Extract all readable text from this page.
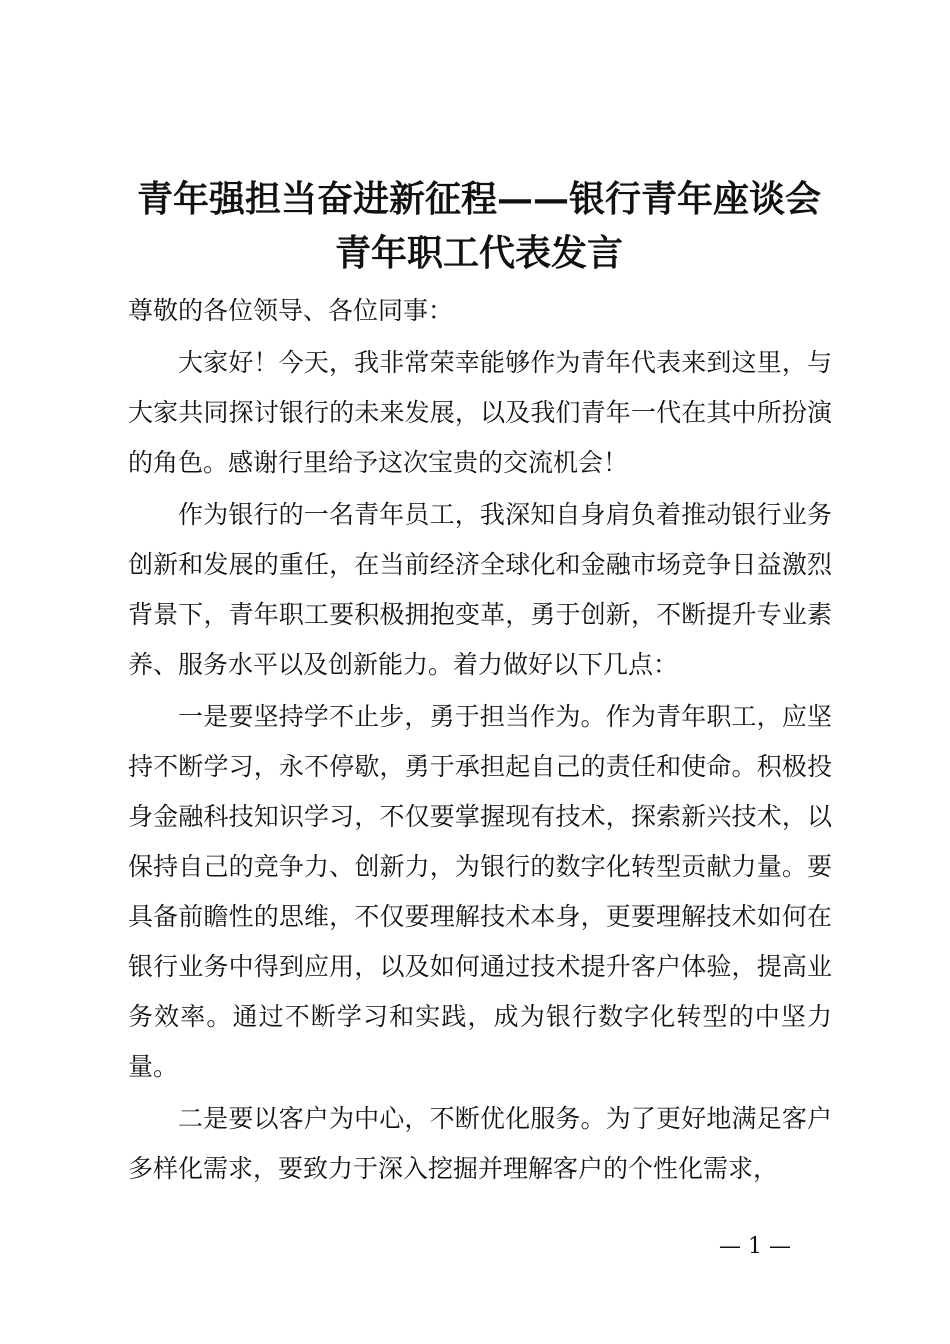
青年强担当奋进新征程——银行青年座谈会青年职工代表发言

尊敬的各位领导、各位同事：

大家好！今天，我非常荣幸能够作为青年代表来到这里，与大家共同探讨银行的未来发展，以及我们青年一代在其中所扮演的角色。感谢行里给予这次宝贵的交流机会！

作为银行的一名青年员工，我深知自身肩负着推动银行业务创新和发展的重任，在当前经济全球化和金融市场竞争日益激烈背景下，青年职工要积极拥抱变革，勇于创新，不断提升专业素养、服务水平以及创新能力。着力做好以下几点：

一是要坚持学不止步，勇于担当作为。作为青年职工，应坚持不断学习，永不停歇，勇于承担起自己的责任和使命。积极投身金融科技知识学习，不仅要掌握现有技术，探索新兴技术，以保持自己的竞争力、创新力，为银行的数字化转型贡献力量。要具备前瞻性的思维，不仅要理解技术本身，更要理解技术如何在银行业务中得到应用，以及如何通过技术提升客户体验，提高业务效率。通过不断学习和实践，成为银行数字化转型的中坚力量。

二是要以客户为中心，不断优化服务。为了更好地满足客户多样化需求，要致力于深入挖掘并理解客户的个性化需求，

— 1 —
